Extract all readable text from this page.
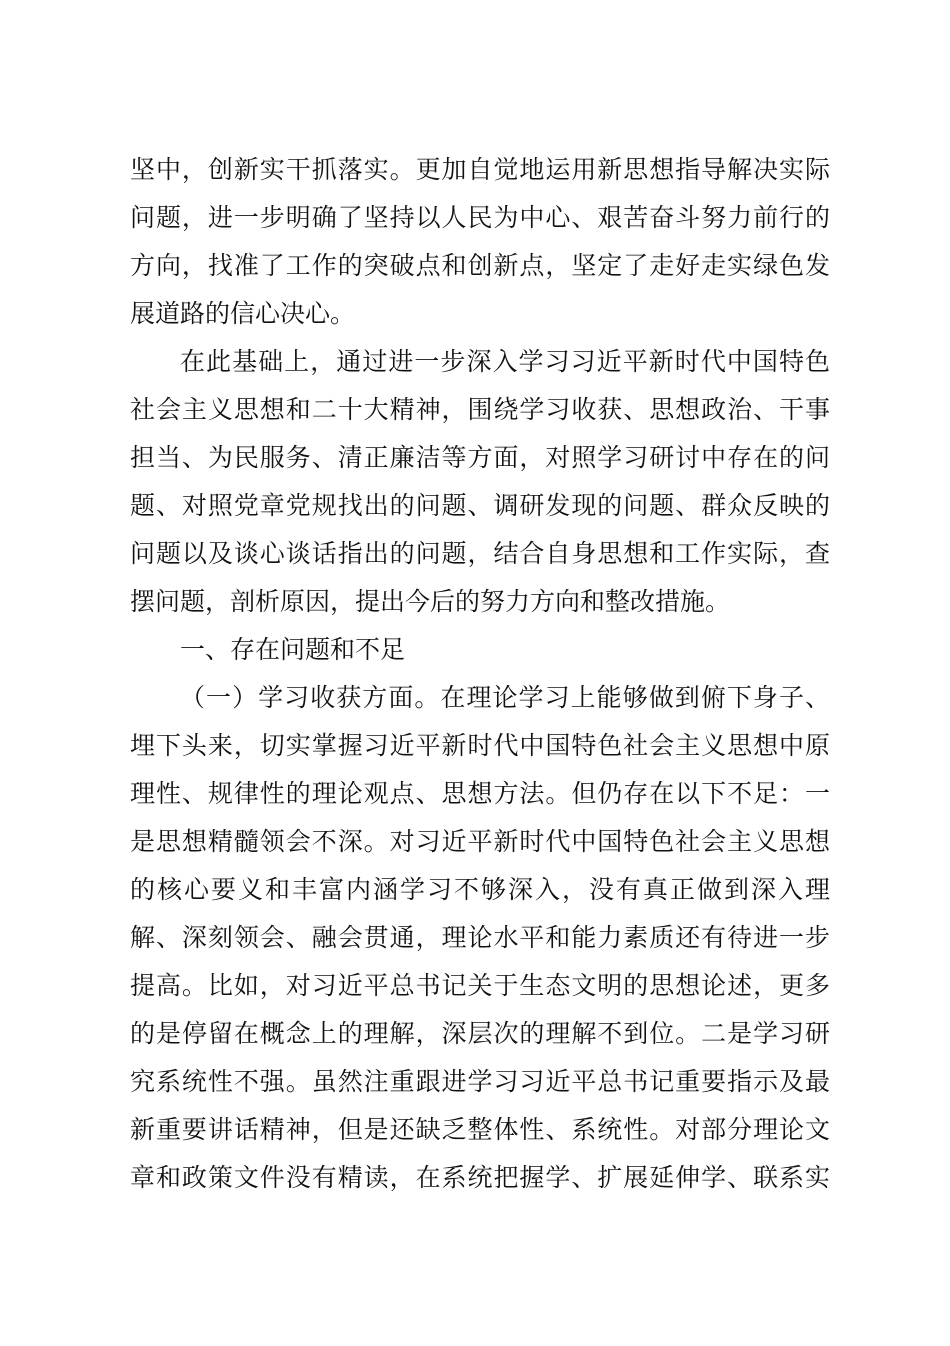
坚中，创新实干抓落实。更加自觉地运用新思想指导解决实际
问题，进一步明确了坚持以人民为中心、艰苦奋斗努力前行的
方向，找准了工作的突破点和创新点，坚定了走好走实绿色发
展道路的信心决心。
在此基础上，通过进一步深入学习习近平新时代中国特色
社会主义思想和二十大精神，围绕学习收获、思想政治、干事
担当、为民服务、清正廉洁等方面，对照学习研讨中存在的问
题、对照党章党规找出的问题、调研发现的问题、群众反映的
问题以及谈心谈话指出的问题，结合自身思想和工作实际，查
摆问题，剖析原因，提出今后的努力方向和整改措施。
一、存在问题和不足
（一）学习收获方面。在理论学习上能够做到俯下身子、
埋下头来，切实掌握习近平新时代中国特色社会主义思想中原
理性、规律性的理论观点、思想方法。但仍存在以下不足：一
是思想精髓领会不深。对习近平新时代中国特色社会主义思想
的核心要义和丰富内涵学习不够深入，没有真正做到深入理
解、深刻领会、融会贯通，理论水平和能力素质还有待进一步
提高。比如，对习近平总书记关于生态文明的思想论述，更多
的是停留在概念上的理解，深层次的理解不到位。二是学习研
究系统性不强。虽然注重跟进学习习近平总书记重要指示及最
新重要讲话精神，但是还缺乏整体性、系统性。对部分理论文
章和政策文件没有精读，在系统把握学、扩展延伸学、联系实
